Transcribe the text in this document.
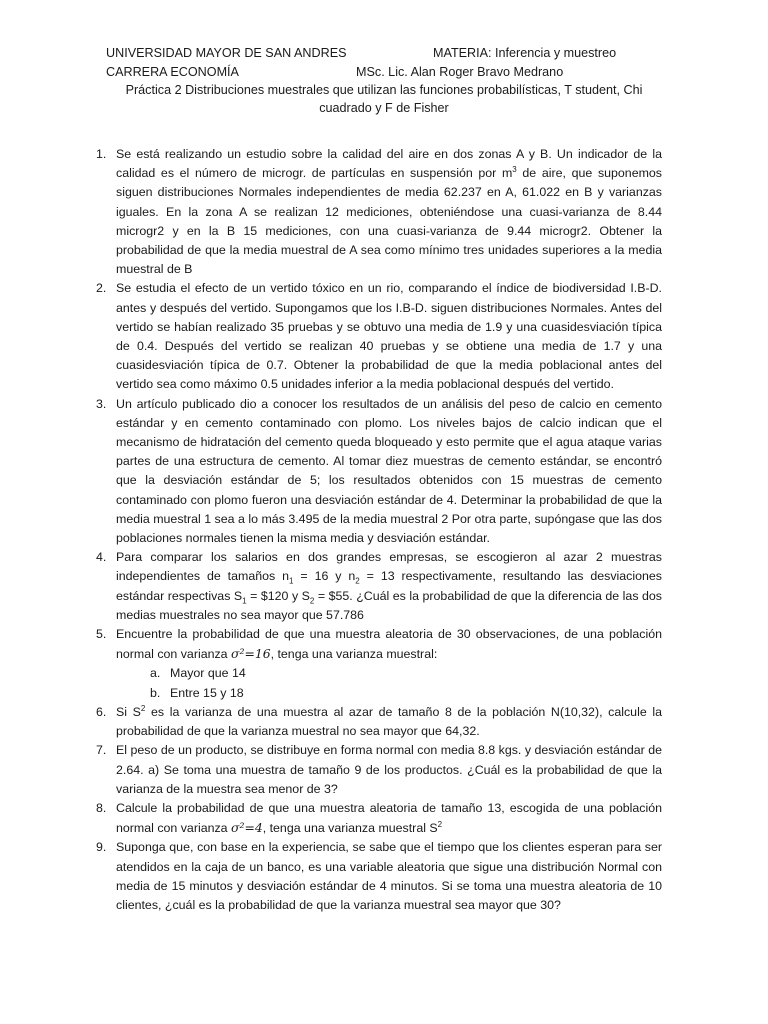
UNIVERSIDAD MAYOR DE SAN ANDRES	MATERIA: Inferencia y muestreo
CARRERA ECONOMÍA	MSc. Lic. Alan Roger Bravo Medrano
Práctica 2 Distribuciones muestrales que utilizan las funciones probabilísticas, T student, Chi
cuadrado y F de Fisher
1. Se está realizando un estudio sobre la calidad del aire en dos zonas A y B. Un indicador de la calidad es el número de microgr. de partículas en suspensión por $m^3$ de aire, que suponemos siguen distribuciones Normales independientes de media 62.237 en A, 61.022 en B y varianzas iguales. En la zona A se realizan 12 mediciones, obteniéndose una cuasi-varianza de 8.44 microgr2 y en la B 15 mediciones, con una cuasi-varianza de 9.44 microgr2. Obtener la probabilidad de que la media muestral de A sea como mínimo tres unidades superiores a la media muestral de B
2. Se estudia el efecto de un vertido tóxico en un rio, comparando el índice de biodiversidad I.B-D. antes y después del vertido. Supongamos que los I.B-D. siguen distribuciones Normales. Antes del vertido se habían realizado 35 pruebas y se obtuvo una media de 1.9 y una cuasidesviación típica de 0.4. Después del vertido se realizan 40 pruebas y se obtiene una media de 1.7 y una cuasidesviación típica de 0.7. Obtener la probabilidad de que la media poblacional antes del vertido sea como máximo 0.5 unidades inferior a la media poblacional después del vertido.
3. Un artículo publicado dio a conocer los resultados de un análisis del peso de calcio en cemento estándar y en cemento contaminado con plomo. Los niveles bajos de calcio indican que el mecanismo de hidratación del cemento queda bloqueado y esto permite que el agua ataque varias partes de una estructura de cemento. Al tomar diez muestras de cemento estándar, se encontró que la desviación estándar de 5; los resultados obtenidos con 15 muestras de cemento contaminado con plomo fueron una desviación estándar de 4. Determinar la probabilidad de que la media muestral 1 sea a lo más 3.495 de la media muestral 2 Por otra parte, supóngase que las dos poblaciones normales tienen la misma media y desviación estándar.
4. Para comparar los salarios en dos grandes empresas, se escogieron al azar 2 muestras independientes de tamaños $n_1 = 16$ y $n_2 = 13$ respectivamente, resultando las desviaciones estándar respectivas $S_1$ = $120 y $S_2$ = $55. ¿Cuál es la probabilidad de que la diferencia de las dos medias muestrales no sea mayor que 57.786
5. Encuentre la probabilidad de que una muestra aleatoria de 30 observaciones, de una población normal con varianza σ²=16, tenga una varianza muestral:
a. Mayor que 14
b. Entre 15 y 18
6. Si $S^2$ es la varianza de una muestra al azar de tamaño 8 de la población N(10,32), calcule la probabilidad de que la varianza muestral no sea mayor que 64,32.
7. El peso de un producto, se distribuye en forma normal con media 8.8 kgs. y desviación estándar de 2.64. a) Se toma una muestra de tamaño 9 de los productos. ¿Cuál es la probabilidad de que la varianza de la muestra sea menor de 3?
8. Calcule la probabilidad de que una muestra aleatoria de tamaño 13, escogida de una población normal con varianza σ²=4, tenga una varianza muestral $S^2$
9. Suponga que, con base en la experiencia, se sabe que el tiempo que los clientes esperan para ser atendidos en la caja de un banco, es una variable aleatoria que sigue una distribución Normal con media de 15 minutos y desviación estándar de 4 minutos. Si se toma una muestra aleatoria de 10 clientes, ¿cuál es la probabilidad de que la varianza muestral sea mayor que 30?
